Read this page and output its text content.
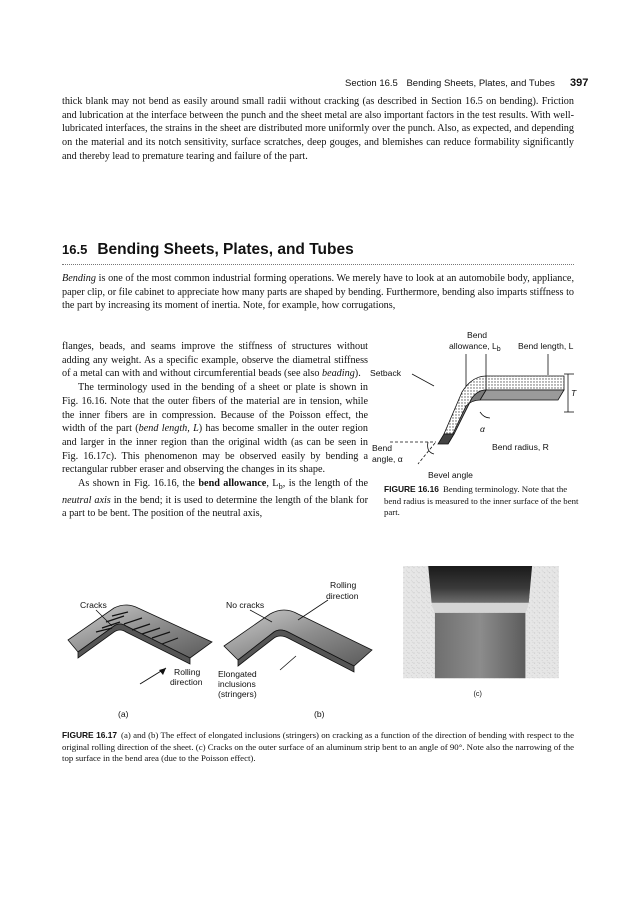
Section 16.5 Bending Sheets, Plates, and Tubes	397
thick blank may not bend as easily around small radii without cracking (as described in Section 16.5 on bending). Friction and lubrication at the interface between the punch and the sheet metal are also important factors in the test results. With well-lubricated interfaces, the strains in the sheet are distributed more uniformly over the punch. Also, as expected, and depending on the material and its notch sensitivity, surface scratches, deep gouges, and blemishes can reduce formability significantly and thereby lead to premature tearing and failure of the part.
16.5 Bending Sheets, Plates, and Tubes
Bending is one of the most common industrial forming operations. We merely have to look at an automobile body, appliance, paper clip, or file cabinet to appreciate how many parts are shaped by bending. Furthermore, bending also imparts stiffness to the part by increasing its moment of inertia. Note, for example, how corrugations,
flanges, beads, and seams improve the stiffness of structures without adding any weight. As a specific example, observe the diametral stiffness of a metal can with and without circumferential beads (see also beading).
The terminology used in the bending of a sheet or plate is shown in Fig. 16.16. Note that the outer fibers of the material are in tension, while the inner fibers are in compression. Because of the Poisson effect, the width of the part (bend length, L) has become smaller in the outer region and larger in the inner region than the original width (as can be seen in Fig. 16.17c). This phenomenon may be observed easily by bending a rectangular rubber eraser and observing the changes in its shape.
As shown in Fig. 16.16, the bend allowance, $L_b$, is the length of the neutral axis in the bend; it is used to determine the length of the blank for a part to be bent. The position of the neutral axis,
Bend
allowance, $L_b$ Bend length, L
Setback
T
α
Bend radius, R
Bend
angle, α
Bevel angle
FIGURE 16.16 Bending terminology. Note that the bend radius is measured to the inner surface of the bent part.
Cracks
Rolling
direction
(a)
No cracks
Rolling
direction
Elongated
inclusions
(stringers)
(b)
(c)
FIGURE 16.17 (a) and (b) The effect of elongated inclusions (stringers) on cracking as a function of the direction of bending with respect to the original rolling direction of the sheet. (c) Cracks on the outer surface of an aluminum strip bent to an angle of 90°. Note also the narrowing of the top surface in the bend area (due to the Poisson effect).
